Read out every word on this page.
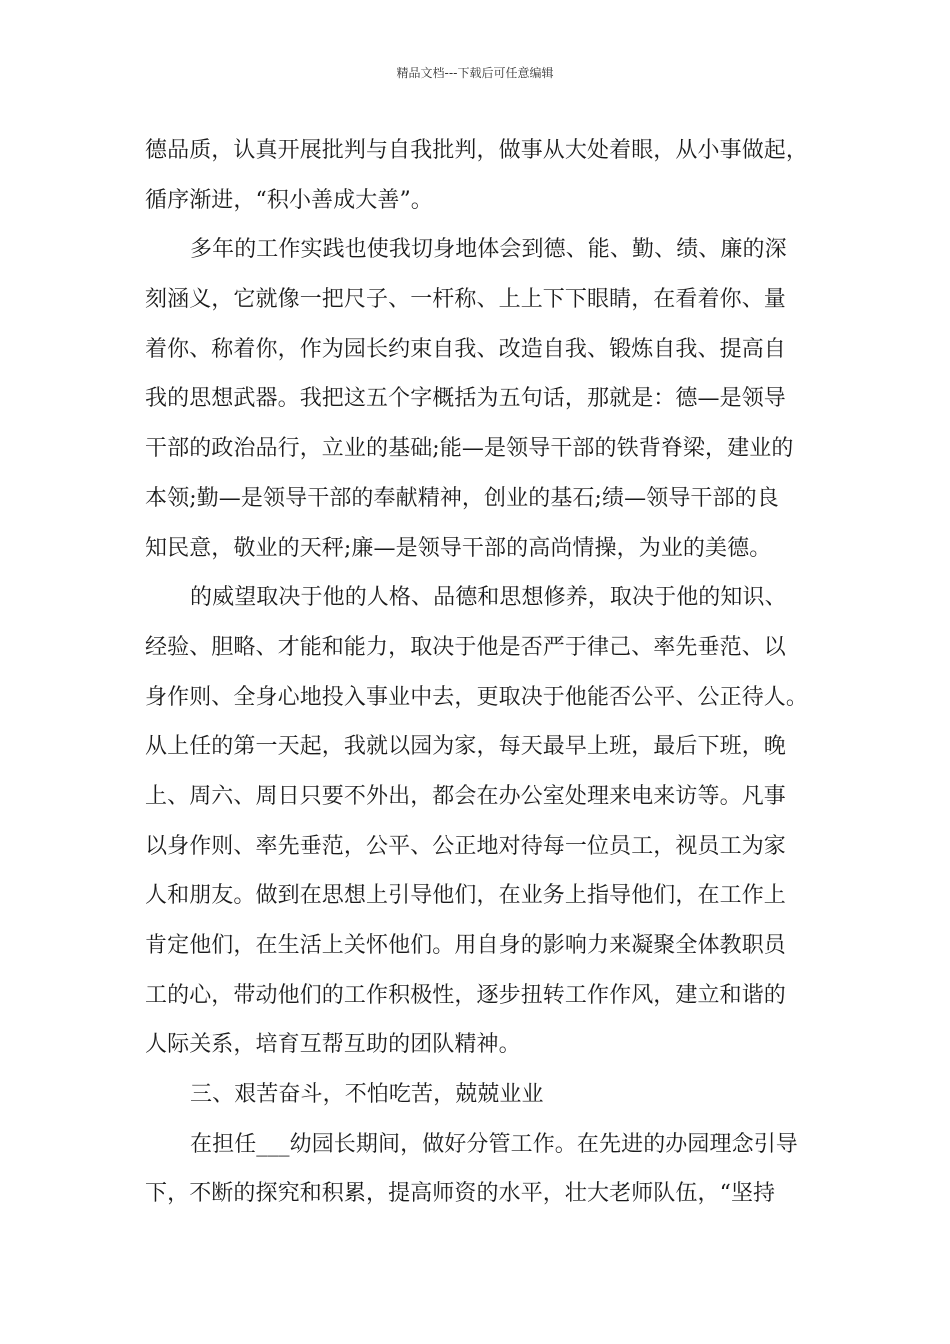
精品文档---下载后可任意编辑
德品质，认真开展批判与自我批判，做事从大处着眼，从小事做起，
循序渐进，“积小善成大善”。
多年的工作实践也使我切身地体会到德、能、勤、绩、廉的深
刻涵义，它就像一把尺子、一杆称、上上下下眼睛，在看着你、量
着你、称着你，作为园长约束自我、改造自我、锻炼自我、提高自
我的思想武器。我把这五个字概括为五句话，那就是：德—是领导
干部的政治品行，立业的基础;能—是领导干部的铁背脊梁，建业的
本领;勤—是领导干部的奉献精神，创业的基石;绩—领导干部的良
知民意，敬业的天秤;廉—是领导干部的高尚情操，为业的美德。
的威望取决于他的人格、品德和思想修养，取决于他的知识、
经验、胆略、才能和能力，取决于他是否严于律己、率先垂范、以
身作则、全身心地投入事业中去，更取决于他能否公平、公正待人。
从上任的第一天起，我就以园为家，每天最早上班，最后下班，晚
上、周六、周日只要不外出，都会在办公室处理来电来访等。凡事
以身作则、率先垂范，公平、公正地对待每一位员工，视员工为家
人和朋友。做到在思想上引导他们，在业务上指导他们，在工作上
肯定他们，在生活上关怀他们。用自身的影响力来凝聚全体教职员
工的心，带动他们的工作积极性，逐步扭转工作作风，建立和谐的
人际关系，培育互帮互助的团队精神。
三、艰苦奋斗，不怕吃苦，兢兢业业
在担任___幼园长期间，做好分管工作。在先进的办园理念引导
下，不断的探究和积累，提高师资的水平，壮大老师队伍，“坚持
